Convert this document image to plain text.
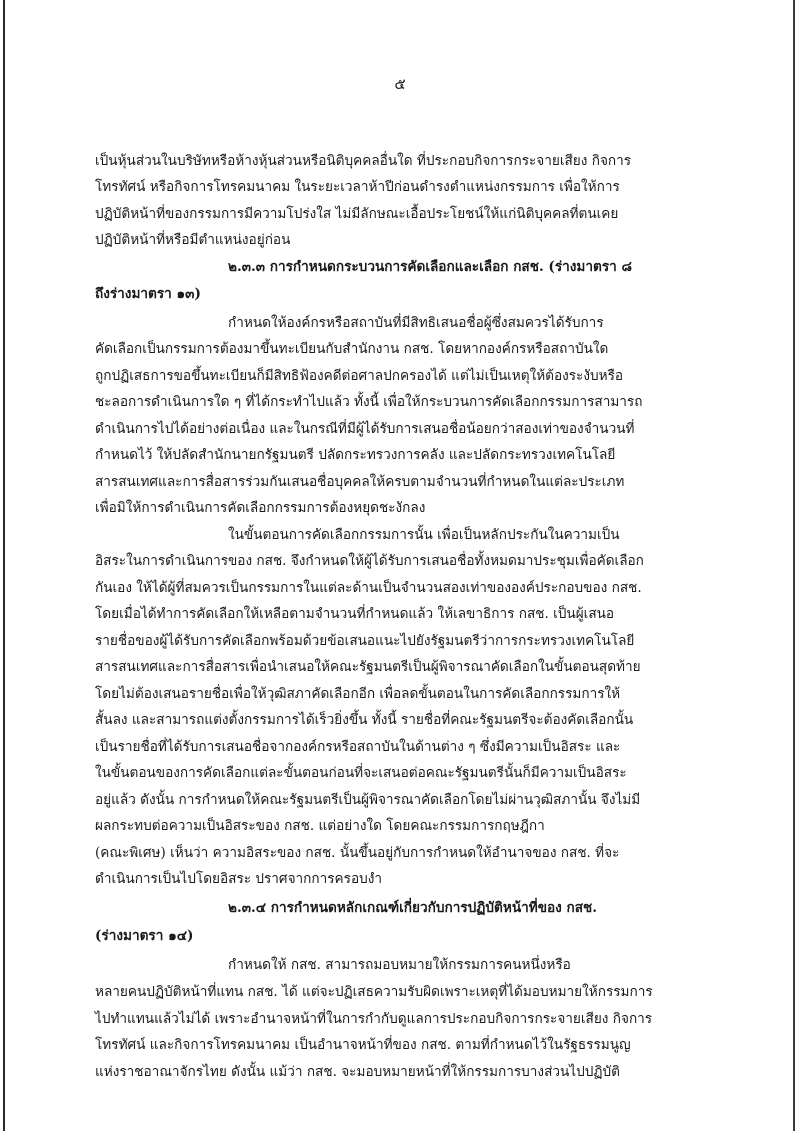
๕
เป็นหุ้นส่วนในบริษัทหรือห้างหุ้นส่วนหรือนิติบุคคลอื่นใด ที่ประกอบกิจการกระจายเสียง กิจการ
โทรทัศน์ หรือกิจการโทรคมนาคม ในระยะเวลาห้าปีก่อนดำรงตำแหน่งกรรมการ เพื่อให้การ
ปฏิบัติหน้าที่ของกรรมการมีความโปร่งใส ไม่มีลักษณะเอื้อประโยชน์ให้แก่นิติบุคคลที่ตนเคย
ปฏิบัติหน้าที่หรือมีตำแหน่งอยู่ก่อน
๒.๓.๓ การกำหนดกระบวนการคัดเลือกและเลือก กสช. (ร่างมาตรา ๘
ถึงร่างมาตรา ๑๓)
กำหนดให้องค์กรหรือสถาบันที่มีสิทธิเสนอชื่อผู้ซึ่งสมควรได้รับการ
คัดเลือกเป็นกรรมการต้องมาขึ้นทะเบียนกับสำนักงาน กสช. โดยหากองค์กรหรือสถาบันใด
ถูกปฏิเสธการขอขึ้นทะเบียนก็มีสิทธิฟ้องคดีต่อศาลปกครองได้ แต่ไม่เป็นเหตุให้ต้องระงับหรือ
ชะลอการดำเนินการใด ๆ ที่ได้กระทำไปแล้ว ทั้งนี้ เพื่อให้กระบวนการคัดเลือกกรรมการสามารถ
ดำเนินการไปได้อย่างต่อเนื่อง และในกรณีที่มีผู้ได้รับการเสนอชื่อน้อยกว่าสองเท่าของจำนวนที่
กำหนดไว้ ให้ปลัดสำนักนายกรัฐมนตรี ปลัดกระทรวงการคลัง และปลัดกระทรวงเทคโนโลยี
สารสนเทศและการสื่อสารร่วมกันเสนอชื่อบุคคลให้ครบตามจำนวนที่กำหนดในแต่ละประเภท
เพื่อมิให้การดำเนินการคัดเลือกกรรมการต้องหยุดชะงักลง
ในขั้นตอนการคัดเลือกกรรมการนั้น เพื่อเป็นหลักประกันในความเป็น
อิสระในการดำเนินการของ กสช. จึงกำหนดให้ผู้ได้รับการเสนอชื่อทั้งหมดมาประชุมเพื่อคัดเลือก
กันเอง ให้ได้ผู้ที่สมควรเป็นกรรมการในแต่ละด้านเป็นจำนวนสองเท่าขององค์ประกอบของ กสช.
โดยเมื่อได้ทำการคัดเลือกให้เหลือตามจำนวนที่กำหนดแล้ว ให้เลขาธิการ กสช. เป็นผู้เสนอ
รายชื่อของผู้ได้รับการคัดเลือกพร้อมด้วยข้อเสนอแนะไปยังรัฐมนตรีว่าการกระทรวงเทคโนโลยี
สารสนเทศและการสื่อสารเพื่อนำเสนอให้คณะรัฐมนตรีเป็นผู้พิจารณาคัดเลือกในขั้นตอนสุดท้าย
โดยไม่ต้องเสนอรายชื่อเพื่อให้วุฒิสภาคัดเลือกอีก เพื่อลดขั้นตอนในการคัดเลือกกรรมการให้
สั้นลง และสามารถแต่งตั้งกรรมการได้เร็วยิ่งขึ้น ทั้งนี้ รายชื่อที่คณะรัฐมนตรีจะต้องคัดเลือกนั้น
เป็นรายชื่อที่ได้รับการเสนอชื่อจากองค์กรหรือสถาบันในด้านต่าง ๆ ซึ่งมีความเป็นอิสระ และ
ในขั้นตอนของการคัดเลือกแต่ละขั้นตอนก่อนที่จะเสนอต่อคณะรัฐมนตรีนั้นก็มีความเป็นอิสระ
อยู่แล้ว ดังนั้น การกำหนดให้คณะรัฐมนตรีเป็นผู้พิจารณาคัดเลือกโดยไม่ผ่านวุฒิสภานั้น จึงไม่มี
ผลกระทบต่อความเป็นอิสระของ กสช. แต่อย่างใด โดยคณะกรรมการกฤษฎีกา
(คณะพิเศษ) เห็นว่า ความอิสระของ กสช. นั้นขึ้นอยู่กับการกำหนดให้อำนาจของ กสช. ที่จะ
ดำเนินการเป็นไปโดยอิสระ ปราศจากการครอบงำ
๒.๓.๔ การกำหนดหลักเกณฑ์เกี่ยวกับการปฏิบัติหน้าที่ของ กสช.
(ร่างมาตรา ๑๔)
กำหนดให้ กสช. สามารถมอบหมายให้กรรมการคนหนึ่งหรือ
หลายคนปฏิบัติหน้าที่แทน กสช. ได้ แต่จะปฏิเสธความรับผิดเพราะเหตุที่ได้มอบหมายให้กรรมการ
ไปทำแทนแล้วไม่ได้ เพราะอำนาจหน้าที่ในการกำกับดูแลการประกอบกิจการกระจายเสียง กิจการ
โทรทัศน์ และกิจการโทรคมนาคม เป็นอำนาจหน้าที่ของ กสช. ตามที่กำหนดไว้ในรัฐธรรมนูญ
แห่งราชอาณาจักรไทย ดังนั้น แม้ว่า กสช. จะมอบหมายหน้าที่ให้กรรมการบางส่วนไปปฏิบัติ
